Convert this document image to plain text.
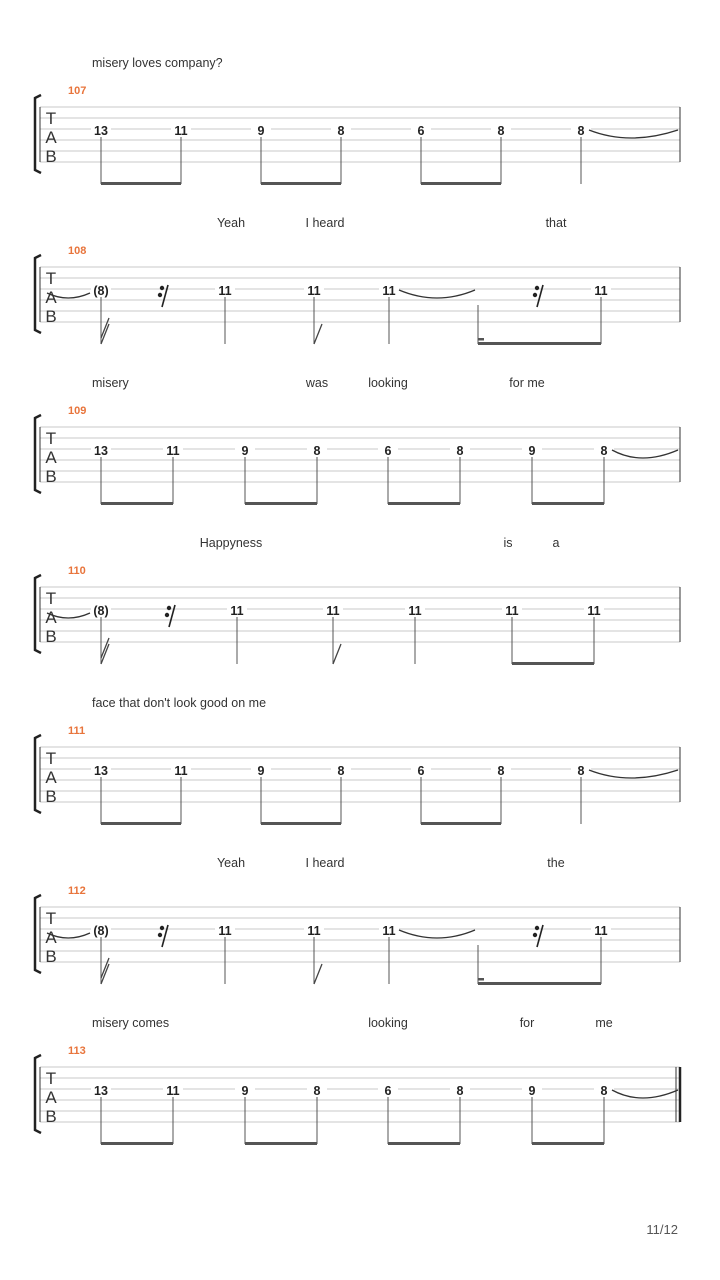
misery loves company?
107
T
A
B
13	11	9	8	6	8	8
Yeah	I heard	that
108
T
A
B
(8)	11	11	11	11
misery	was	looking	for me
109
T
A
B
13	11	9	8	6	8	9	8
Happyness	is	a
110
T
A
B
(8)	11	11	11	11	11
face that don't look good on me
111
T
A
B
13	11	9	8	6	8	8
Yeah	I heard	the
112
T
A
B
(8)	11	11	11	11
misery comes	looking	for	me
113
T
A
B
13	11	9	8	6	8	9	8
11/12
